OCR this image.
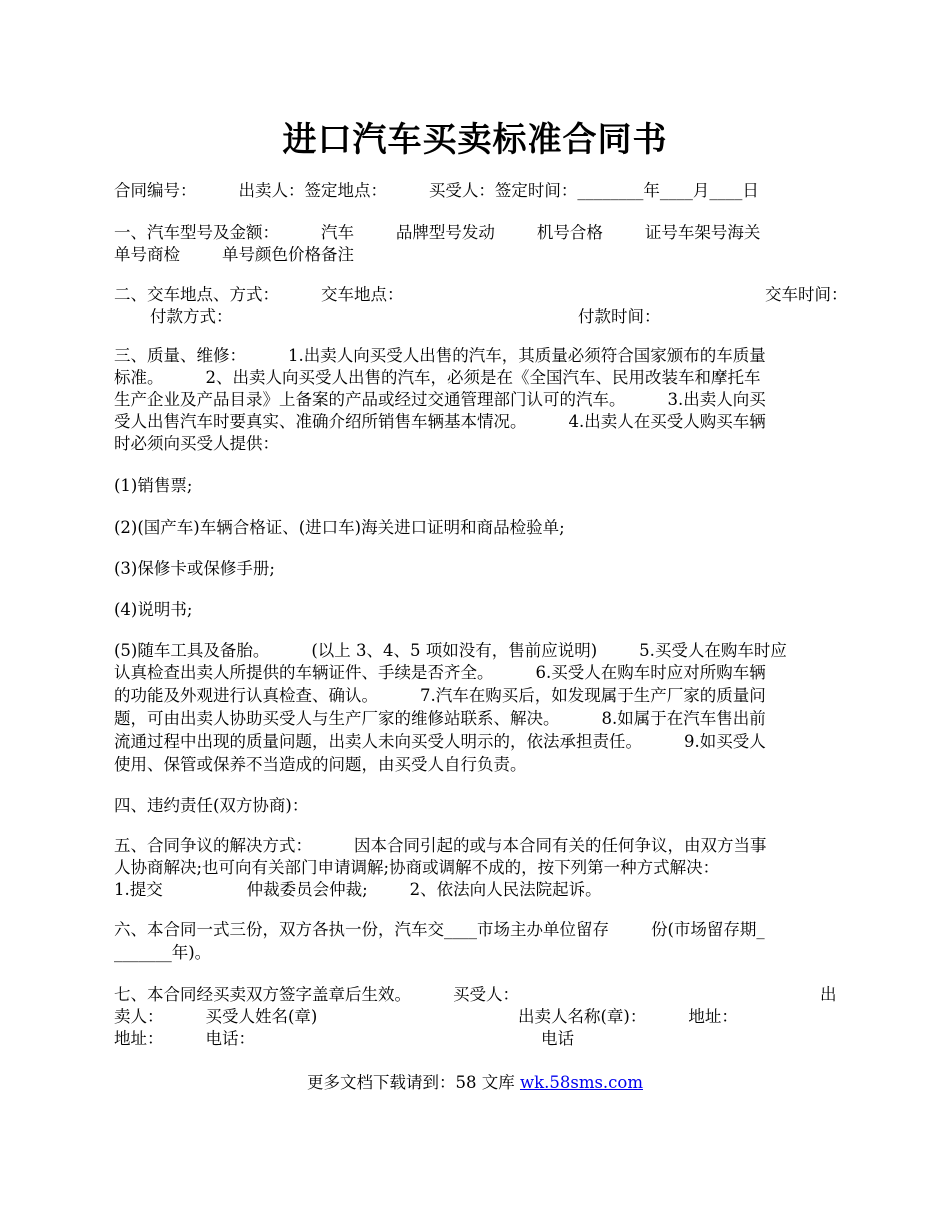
进口汽车买卖标准合同书
合同编号：        出卖人：签定地点：        买受人：签定时间：________年____月____日
一、汽车型号及金额：        汽车        品牌型号发动        机号合格        证号车架号海关
单号商检        单号颜色价格备注
二、交车地点、方式：        交车地点：	交车时间：
付款方式：	付款时间：
三、质量、维修：        1.出卖人向买受人出售的汽车，其质量必须符合国家颁布的车质量
标准。        2、出卖人向买受人出售的汽车，必须是在《全国汽车、民用改装车和摩托车
生产企业及产品目录》上备案的产品或经过交通管理部门认可的汽车。        3.出卖人向买
受人出售汽车时要真实、准确介绍所销售车辆基本情况。        4.出卖人在买受人购买车辆
时必须向买受人提供：
(1)销售票;
(2)(国产车)车辆合格证、(进口车)海关进口证明和商品检验单;
(3)保修卡或保修手册;
(4)说明书;
(5)随车工具及备胎。        (以上 3、4、5 项如没有，售前应说明)        5.买受人在购车时应
认真检查出卖人所提供的车辆证件、手续是否齐全。        6.买受人在购车时应对所购车辆
的功能及外观进行认真检查、确认。        7.汽车在购买后，如发现属于生产厂家的质量问
题，可由出卖人协助买受人与生产厂家的维修站联系、解决。        8.如属于在汽车售出前
流通过程中出现的质量问题，出卖人未向买受人明示的，依法承担责任。        9.如买受人
使用、保管或保养不当造成的问题，由买受人自行负责。
四、违约责任(双方协商)：
五、合同争议的解决方式：        因本合同引起的或与本合同有关的任何争议，由双方当事
人协商解决;也可向有关部门申请调解;协商或调解不成的，按下列第一种方式解决：
1.提交                仲裁委员会仲裁;        2、依法向人民法院起诉。
六、本合同一式三份，双方各执一份，汽车交____市场主办单位留存        份(市场留存期_
_______年)。
七、本合同经买卖双方签字盖章后生效。        买受人：	出
卖人：        买受人姓名(章)	出卖人名称(章)：        地址：
地址：        电话：	电话
更多文档下载请到：58 文库 wk.58sms.com
